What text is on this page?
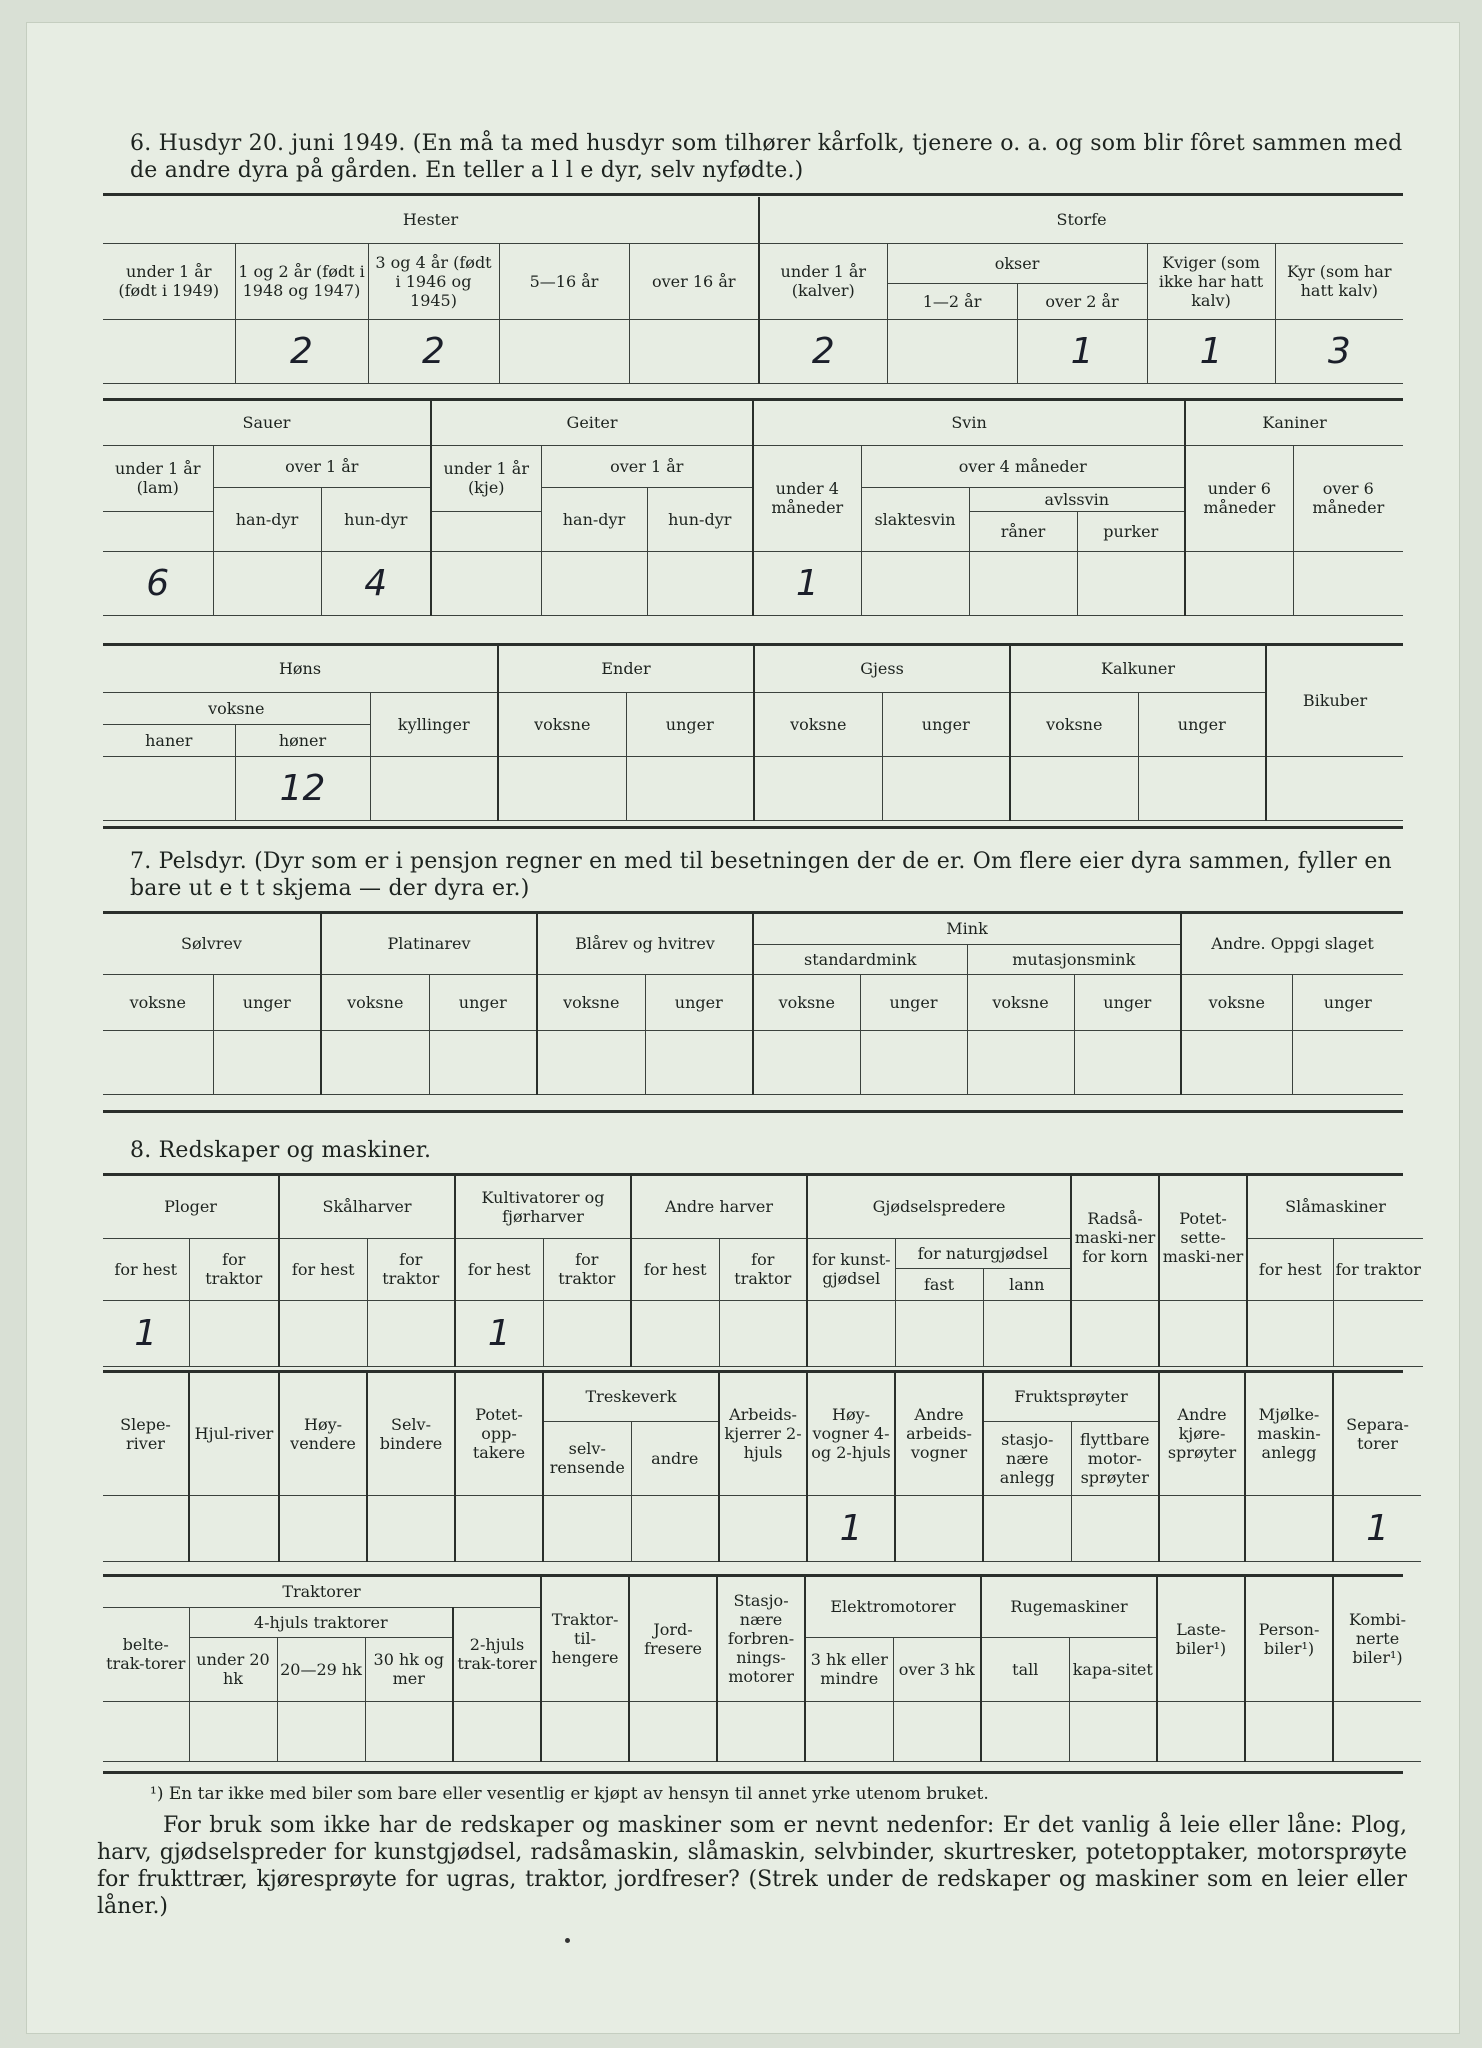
6. Husdyr 20. juni 1949. (En må ta med husdyr som tilhører kårfolk, tjenere o. a. og som blir fôret sammen med de andre dyra på gården. En teller a l l e dyr, selv nyfødte.)
Hester					Storfe				
under 1 år (født i 1949)	1 og 2 år (født i 1948 og 1947)	3 og 4 år (født i 1946 og 1945)	5—16 år	over 16 år	under 1 år (kalver)	okser		Kviger (som ikke har hatt kalv)	Kyr (som har hatt kalv)
						1—2 år	over 2 år		
	2	2			2		1	1	3
Sauer			Geiter			Svin				Kaniner	
under 1 år (lam)	over 1 år		under 1 år (kje)	over 1 år		under 4 måneder	over 4 måneder			under 6 måneder	over 6 måneder
	han-dyr	hun-dyr		han-dyr	hun-dyr		slaktesvin	avlssvin			
								råner	purker		
6		4				1					
Høns			Ender		Gjess		Kalkuner		Bikuber
voksne		kyllinger	voksne	unger	voksne	unger	voksne	unger	
haner	høner								
	12								
7. Pelsdyr. (Dyr som er i pensjon regner en med til besetningen der de er. Om flere eier dyra sammen, fyller en bare ut e t t skjema — der dyra er.)
Sølvrev		Platinarev		Blårev og hvitrev		Mink				Andre. Oppgi slaget	
						standardmink		mutasjonsmink			
voksne	unger	voksne	unger	voksne	unger	voksne	unger	voksne	unger	voksne	unger

8. Redskaper og maskiner.
Ploger		Skålharver		Kultivatorer og fjørharver		Andre harver		Gjødselspredere			Radså-maski-ner for korn	Potet-sette-maski-ner	Slåmaskiner	
for hest	for traktor	for hest	for traktor	for hest	for traktor	for hest	for traktor	for kunst-gjødsel	for naturgjødsel				for hest	for traktor
									fast	lann				
1				1										
Slepe-river	Hjul-river	Høy-vendere	Selv-bindere	Potet-opp-takere	Treskeverk		Arbeids-kjerrer 2-hjuls	Høy-vogner 4- og 2-hjuls	Andre arbeids-vogner	Fruktsprøyter		Andre kjøre-sprøyter	Mjølke-maskin-anlegg	Separa-torer
					selv-rensende	andre				stasjo-nære anlegg	flyttbare motor-sprøyter			
								1						1
Traktorer					Traktor-til-hengere	Jord-fresere	Stasjo-nære forbren-nings-motorer	Elektromotorer		Rugemaskiner		Laste-biler¹)	Person-biler¹)	Kombi-nerte biler¹)
belte-trak-torer	4-hjuls traktorer			2-hjuls trak-torer										
	under 20 hk	20—29 hk	30 hk og mer					3 hk eller mindre	over 3 hk	tall	kapa-sitet			

¹) En tar ikke med biler som bare eller vesentlig er kjøpt av hensyn til annet yrke utenom bruket.
For bruk som ikke har de redskaper og maskiner som er nevnt nedenfor: Er det vanlig å leie eller låne: Plog, harv, gjødselspreder for kunstgjødsel, radsåmaskin, slåmaskin, selvbinder, skurtresker, potetopptaker, motorsprøyte for frukttrær, kjøresprøyte for ugras, traktor, jordfreser? (Strek under de redskaper og maskiner som en leier eller låner.)
